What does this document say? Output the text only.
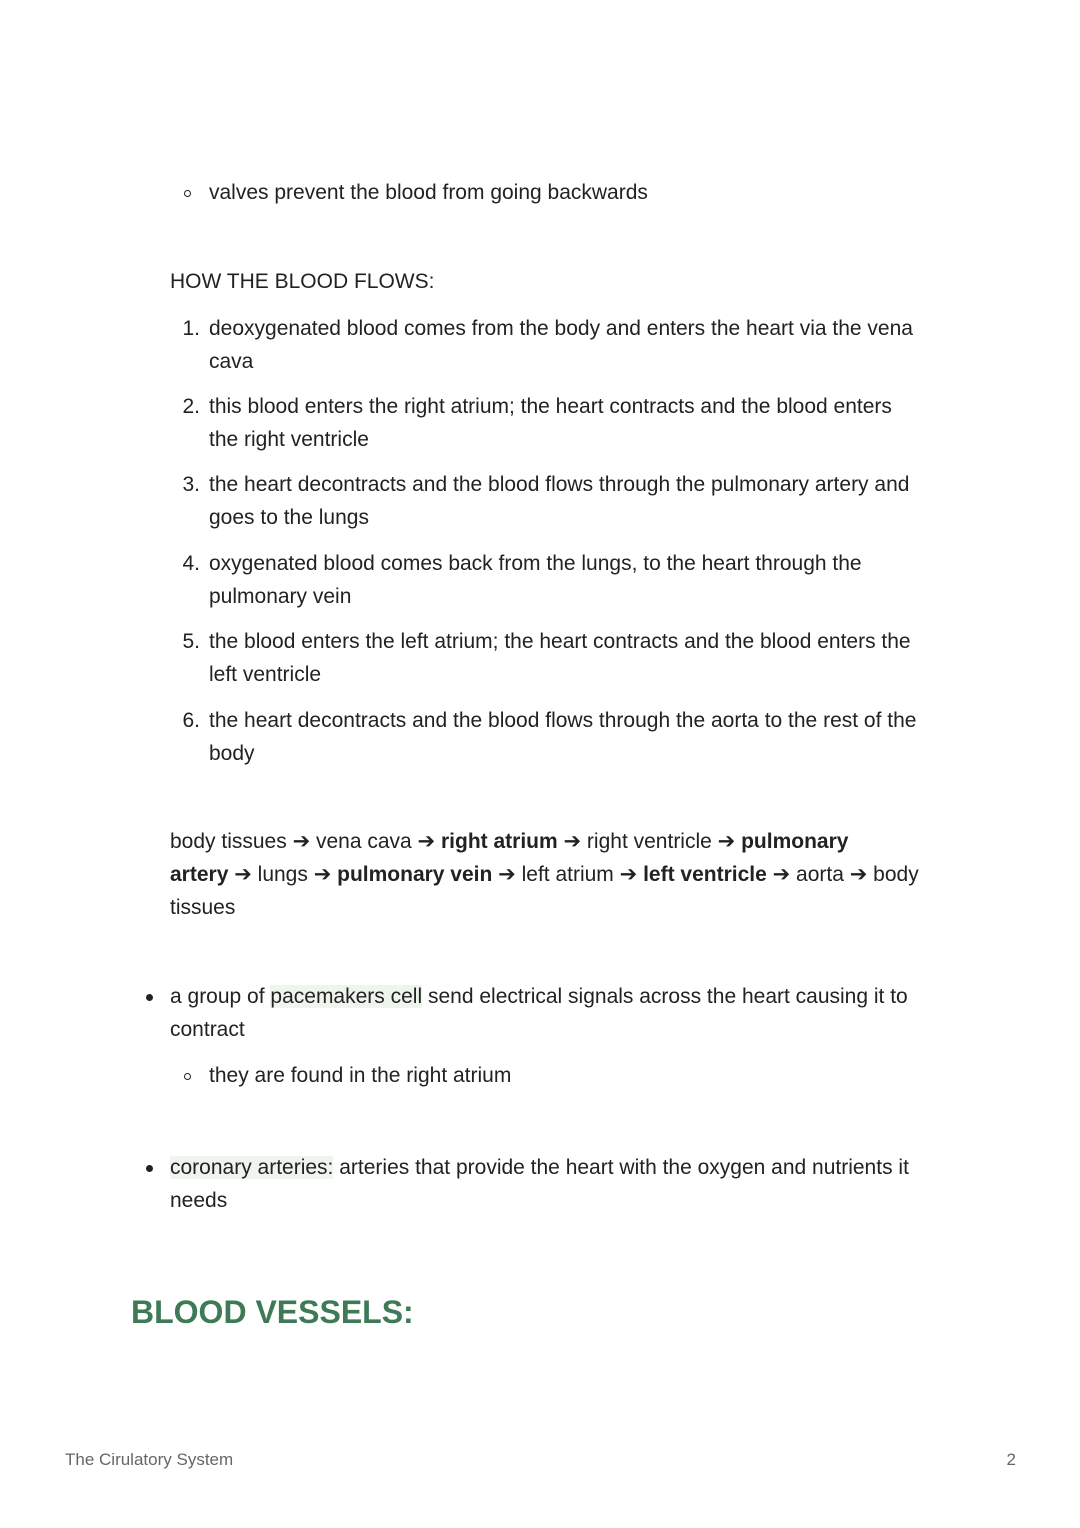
valves prevent the blood from going backwards
HOW THE BLOOD FLOWS:
1. deoxygenated blood comes from the body and enters the heart via the vena
cava
2. this blood enters the right atrium; the heart contracts and the blood enters
the right ventricle
3. the heart decontracts and the blood flows through the pulmonary artery and
goes to the lungs
4. oxygenated blood comes back from the lungs, to the heart through the
pulmonary vein
5. the blood enters the left atrium; the heart contracts and the blood enters the
left ventricle
6. the heart decontracts and the blood flows through the aorta to the rest of the
body
body tissues ➔ vena cava ➔ right atrium ➔ right ventricle ➔ pulmonary
artery ➔ lungs ➔ pulmonary vein ➔ left atrium ➔ left ventricle ➔ aorta ➔ body
tissues
a group of pacemakers cell send electrical signals across the heart causing it to
contract
they are found in the right atrium
coronary arteries: arteries that provide the heart with the oxygen and nutrients it
needs
BLOOD VESSELS:
The Cirulatory System	2
